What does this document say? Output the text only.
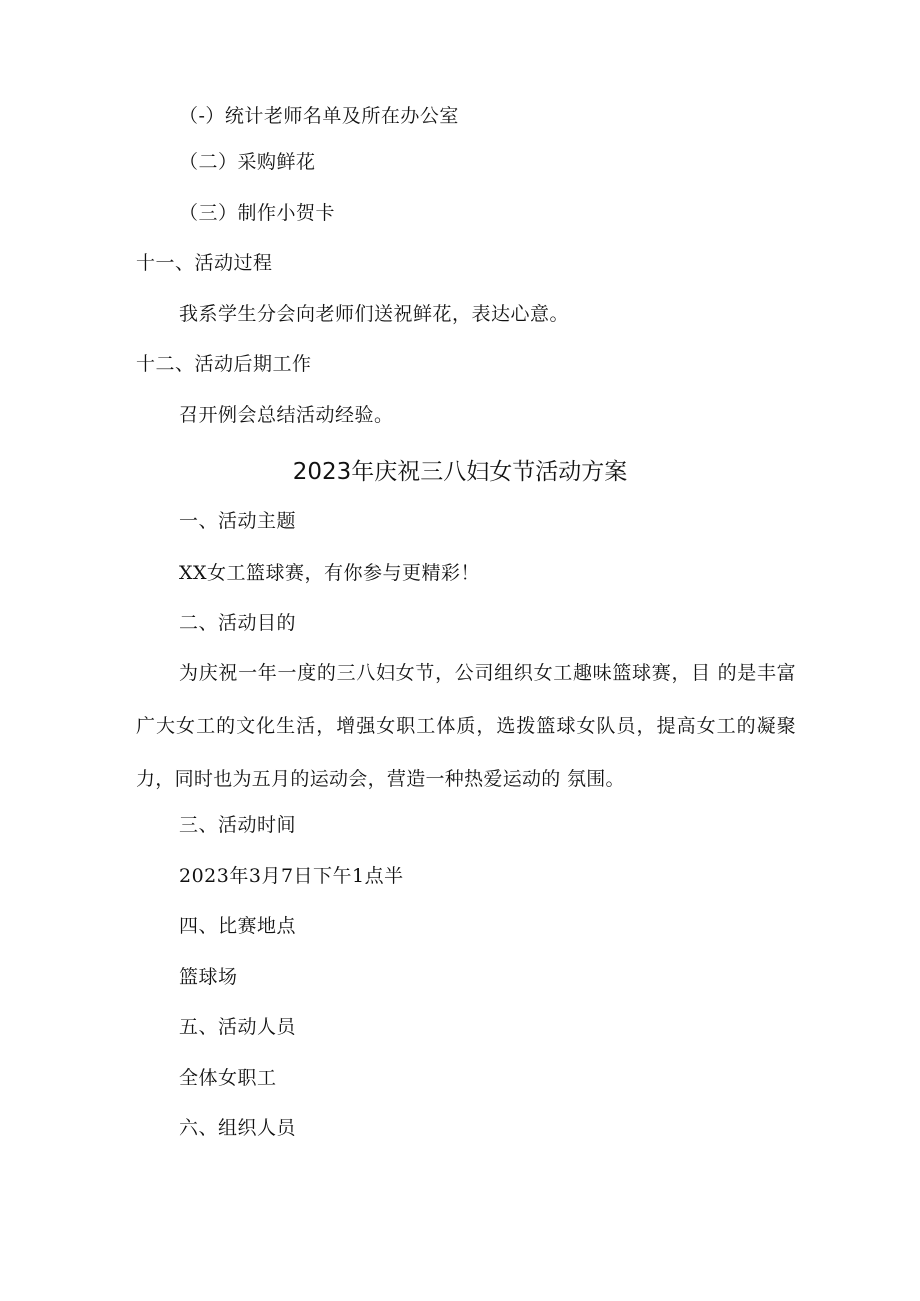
（-）统计老师名单及所在办公室
（二）采购鲜花
（三）制作小贺卡
十一、活动过程
我系学生分会向老师们送祝鲜花，表达心意。
十二、活动后期工作
召开例会总结活动经验。
2023年庆祝三八妇女节活动方案
一、活动主题
XX女工篮球赛，有你参与更精彩！
二、活动目的
为庆祝一年一度的三八妇女节，公司组织女工趣味篮球赛，目 的是丰富广大女工的文化生活，增强女职工体质，选拨篮球女队员，提高女工的凝聚力，同时也为五月的运动会，营造一种热爱运动的 氛围。
三、活动时间
2023年3月7日下午1点半
四、比赛地点
篮球场
五、活动人员
全体女职工
六、组织人员
